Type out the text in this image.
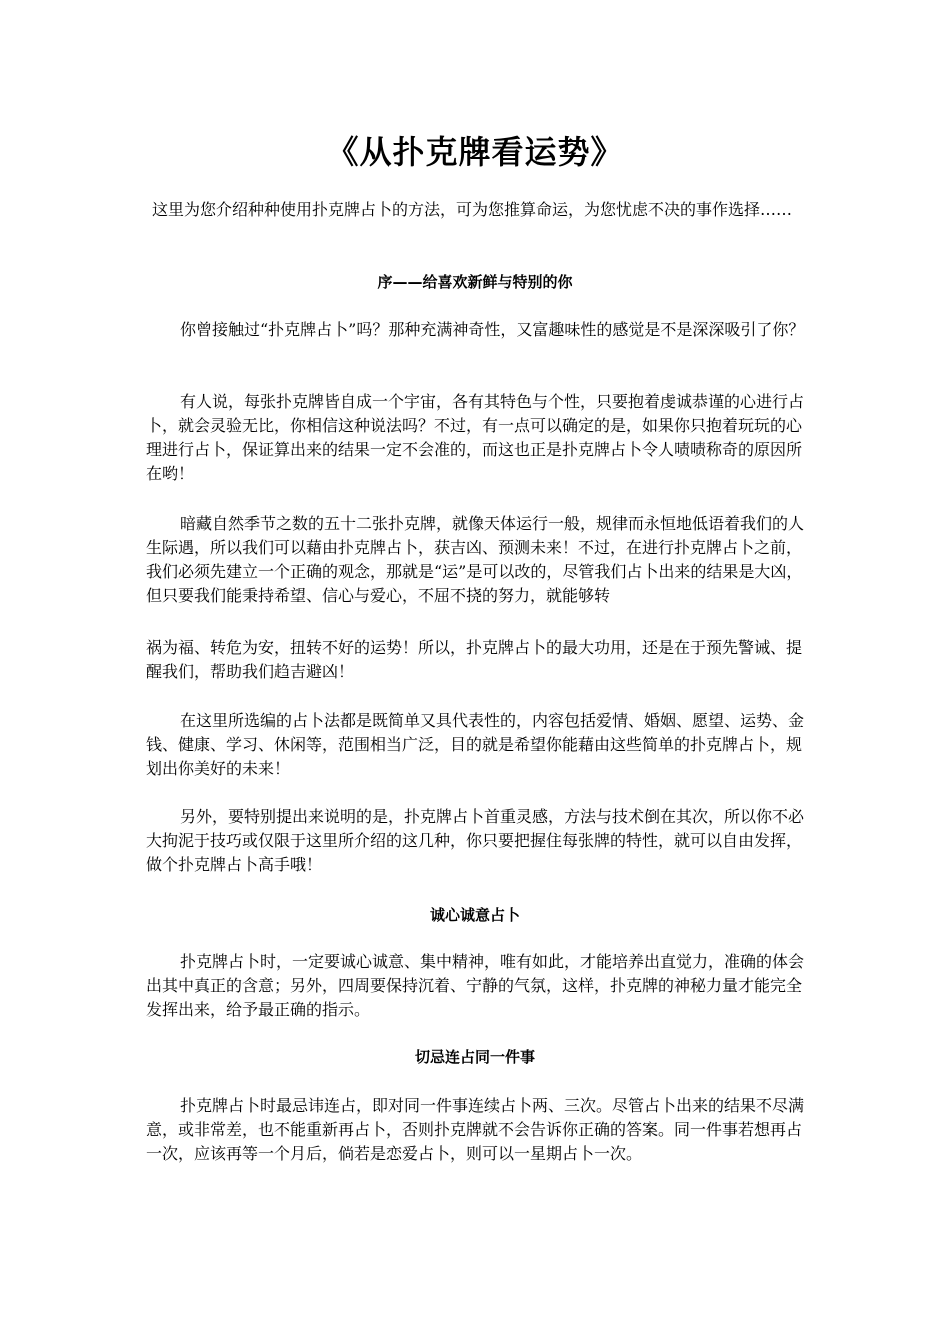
《从扑克牌看运势》
这里为您介绍种种使用扑克牌占卜的方法，可为您推算命运，为您忧虑不决的事作选择……
序——给喜欢新鲜与特别的你
你曾接触过“扑克牌占卜”吗？那种充满神奇性，又富趣味性的感觉是不是深深吸引了你？
有人说，每张扑克牌皆自成一个宇宙，各有其特色与个性，只要抱着虔诚恭谨的心进行占卜，就会灵验无比，你相信这种说法吗？不过，有一点可以确定的是，如果你只抱着玩玩的心理进行占卜，保证算出来的结果一定不会准的，而这也正是扑克牌占卜令人啧啧称奇的原因所在哟！
暗藏自然季节之数的五十二张扑克牌，就像天体运行一般，规律而永恒地低语着我们的人生际遇，所以我们可以藉由扑克牌占卜，获吉凶、预测未来！不过，在进行扑克牌占卜之前，我们必须先建立一个正确的观念，那就是“运”是可以改的，尽管我们占卜出来的结果是大凶，但只要我们能秉持希望、信心与爱心，不屈不挠的努力，就能够转
祸为福、转危为安，扭转不好的运势！所以，扑克牌占卜的最大功用，还是在于预先警诫、提醒我们，帮助我们趋吉避凶！
在这里所选编的占卜法都是既简单又具代表性的，内容包括爱情、婚姻、愿望、运势、金钱、健康、学习、休闲等，范围相当广泛，目的就是希望你能藉由这些简单的扑克牌占卜，规划出你美好的未来！
另外，要特别提出来说明的是，扑克牌占卜首重灵感，方法与技术倒在其次，所以你不必大拘泥于技巧或仅限于这里所介绍的这几种，你只要把握住每张牌的特性，就可以自由发挥，做个扑克牌占卜高手哦！
诚心诚意占卜
扑克牌占卜时，一定要诚心诚意、集中精神，唯有如此，才能培养出直觉力，准确的体会出其中真正的含意；另外，四周要保持沉着、宁静的气氛，这样，扑克牌的神秘力量才能完全发挥出来，给予最正确的指示。
切忌连占同一件事
扑克牌占卜时最忌讳连占，即对同一件事连续占卜两、三次。尽管占卜出来的结果不尽满意，或非常差，也不能重新再占卜，否则扑克牌就不会告诉你正确的答案。同一件事若想再占一次，应该再等一个月后，倘若是恋爱占卜，则可以一星期占卜一次。
